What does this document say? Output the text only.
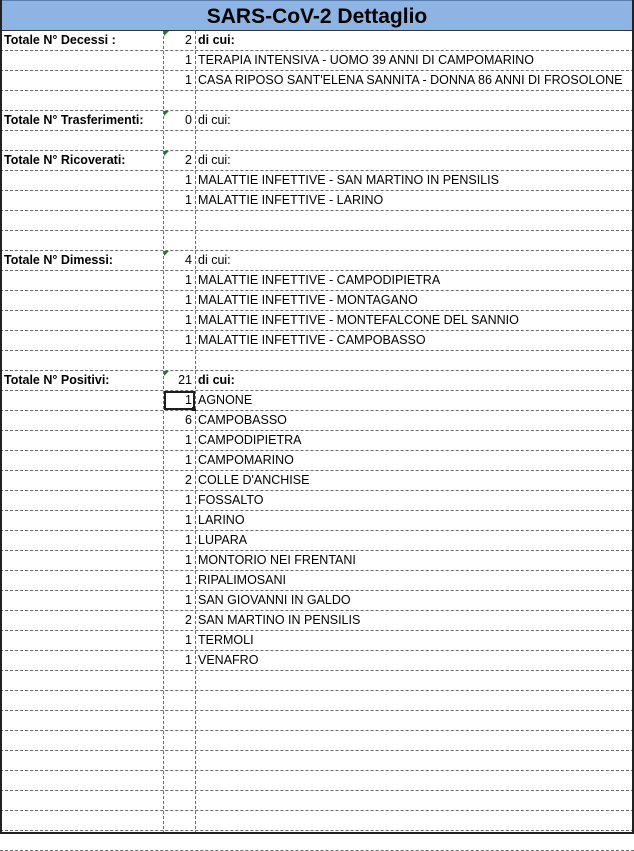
SARS-CoV-2 Dettaglio
Totale N° Decessi :	2 di cui:
1 TERAPIA INTENSIVA - UOMO 39 ANNI DI CAMPOMARINO
1 CASA RIPOSO SANT'ELENA SANNITA - DONNA 86 ANNI DI FROSOLONE
Totale N° Trasferimenti:	0 di cui:
Totale N° Ricoverati:	2 di cui:
1 MALATTIE INFETTIVE - SAN MARTINO IN PENSILIS
1 MALATTIE INFETTIVE - LARINO
Totale N° Dimessi:	4 di cui:
1 MALATTIE INFETTIVE - CAMPODIPIETRA
1 MALATTIE INFETTIVE - MONTAGANO
1 MALATTIE INFETTIVE - MONTEFALCONE DEL SANNIO
1 MALATTIE INFETTIVE - CAMPOBASSO
Totale N° Positivi:	21 di cui:
1 AGNONE
6 CAMPOBASSO
1 CAMPODIPIETRA
1 CAMPOMARINO
2 COLLE D'ANCHISE
1 FOSSALTO
1 LARINO
1 LUPARA
1 MONTORIO NEI FRENTANI
1 RIPALIMOSANI
1 SAN GIOVANNI IN GALDO
2 SAN MARTINO IN PENSILIS
1 TERMOLI
1 VENAFRO
